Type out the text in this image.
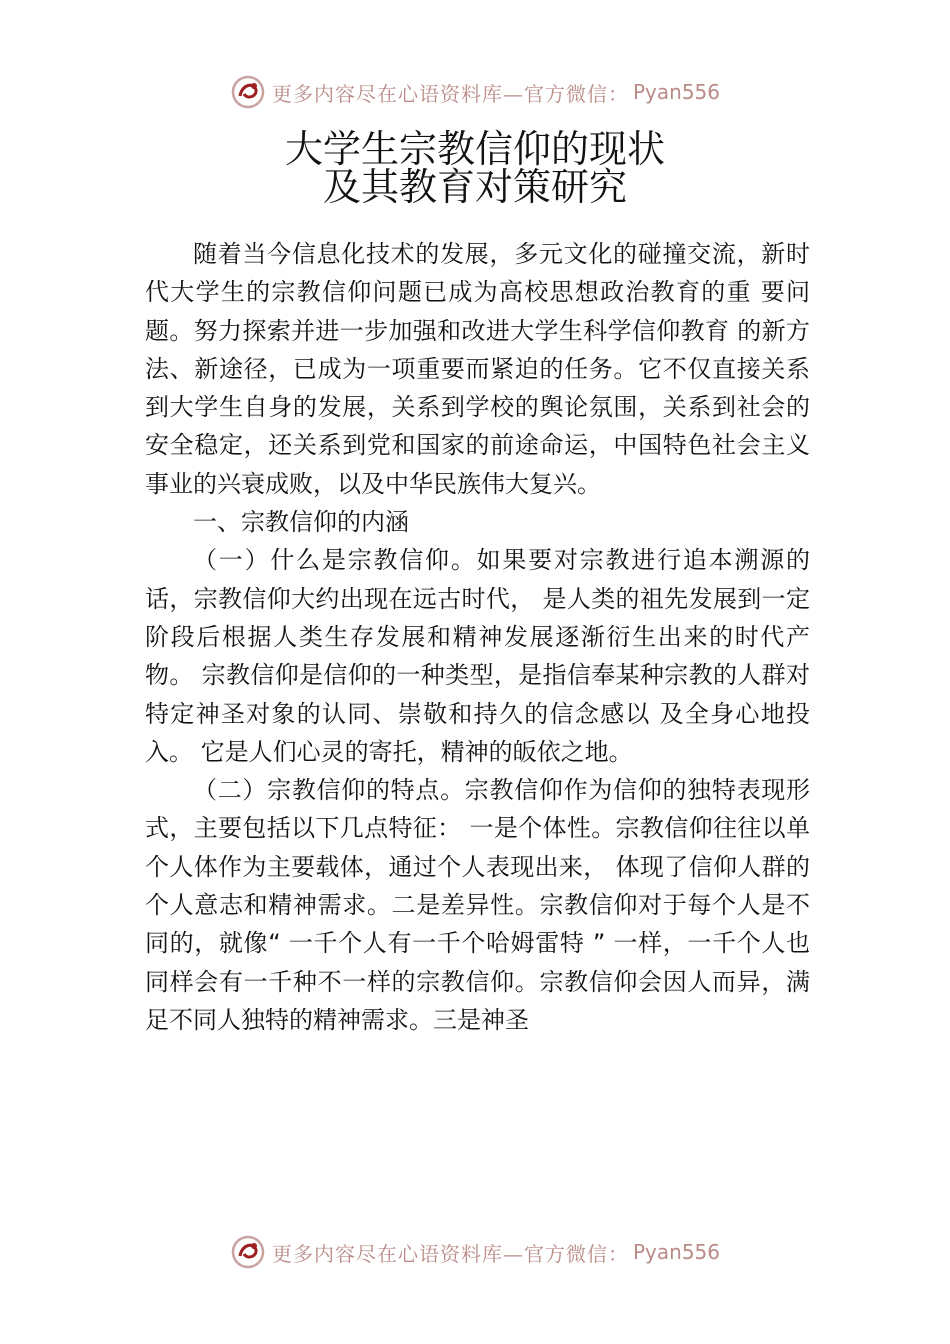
更多内容尽在心语资料库—官方微信： Pyan556
大学生宗教信仰的现状
及其教育对策研究

随着当今信息化技术的发展，多元文化的碰撞交流，新时代大学生的宗教信仰问题已成为高校思想政治教育的重 要问题。努力探索并进一步加强和改进大学生科学信仰教育 的新方法、新途径，已成为一项重要而紧迫的任务。它不仅直接关系到大学生自身的发展，关系到学校的舆论氛围，关系到社会的安全稳定，还关系到党和国家的前途命运，中国特色社会主义事业的兴衰成败，以及中华民族伟大复兴。

一、宗教信仰的内涵

（一）什么是宗教信仰。如果要对宗教进行追本溯源的话，宗教信仰大约出现在远古时代， 是人类的祖先发展到一定阶段后根据人类生存发展和精神发展逐渐衍生出来的时代产物。 宗教信仰是信仰的一种类型，是指信奉某种宗教的人群对特定神圣对象的认同、崇敬和持久的信念感以 及全身心地投入。 它是人们心灵的寄托，精神的皈依之地。

（二）宗教信仰的特点。宗教信仰作为信仰的独特表现形式，主要包括以下几点特征： 一是个体性。宗教信仰往往以单个人体作为主要载体，通过个人表现出来， 体现了信仰人群的个人意志和精神需求。二是差异性。宗教信仰对于每个人是不同的，就像“ 一千个人有一千个哈姆雷特 ” 一样，一千个人也同样会有一千种不一样的宗教信仰。宗教信仰会因人而异，满足不同人独特的精神需求。三是神圣

更多内容尽在心语资料库—官方微信： Pyan556
